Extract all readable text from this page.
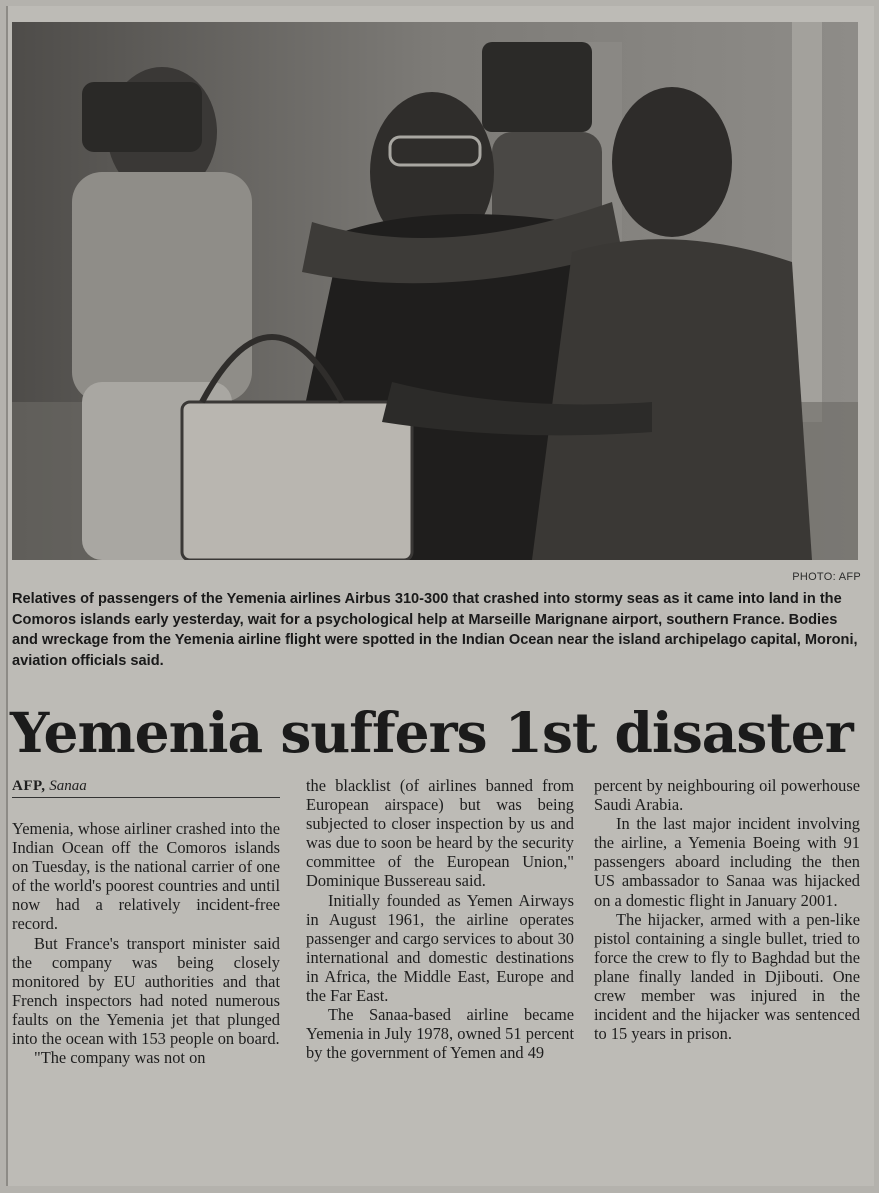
PHOTO: AFP
Relatives of passengers of the Yemenia airlines Airbus 310-300 that crashed into stormy seas as it came into land in the Comoros islands early yesterday, wait for a psychological help at Marseille Marignane airport, southern France. Bodies and wreckage from the Yemenia airline flight were spotted in the Indian Ocean near the island archipelago capital, Moroni, aviation officials said.
Yemenia suffers 1st disaster
AFP, Sanaa

Yemenia, whose airliner crashed into the Indian Ocean off the Comoros islands on Tuesday, is the national carrier of one of the world's poorest countries and until now had a relatively incident-free record.

But France's transport minister said the company was being closely monitored by EU authorities and that French inspectors had noted numerous faults on the Yemenia jet that plunged into the ocean with 153 people on board.

"The company was not on

the blacklist (of airlines banned from European airspace) but was being subjected to closer inspection by us and was due to soon be heard by the security committee of the European Union," Dominique Bussereau said.

Initially founded as Yemen Airways in August 1961, the airline operates passenger and cargo services to about 30 international and domestic destinations in Africa, the Middle East, Europe and the Far East.

The Sanaa-based airline became Yemenia in July 1978, owned 51 percent by the government of Yemen and 49

percent by neighbouring oil powerhouse Saudi Arabia.

In the last major incident involving the airline, a Yemenia Boeing with 91 passengers aboard including the then US ambassador to Sanaa was hijacked on a domestic flight in January 2001.

The hijacker, armed with a pen-like pistol containing a single bullet, tried to force the crew to fly to Baghdad but the plane finally landed in Djibouti. One crew member was injured in the incident and the hijacker was sentenced to 15 years in prison.
